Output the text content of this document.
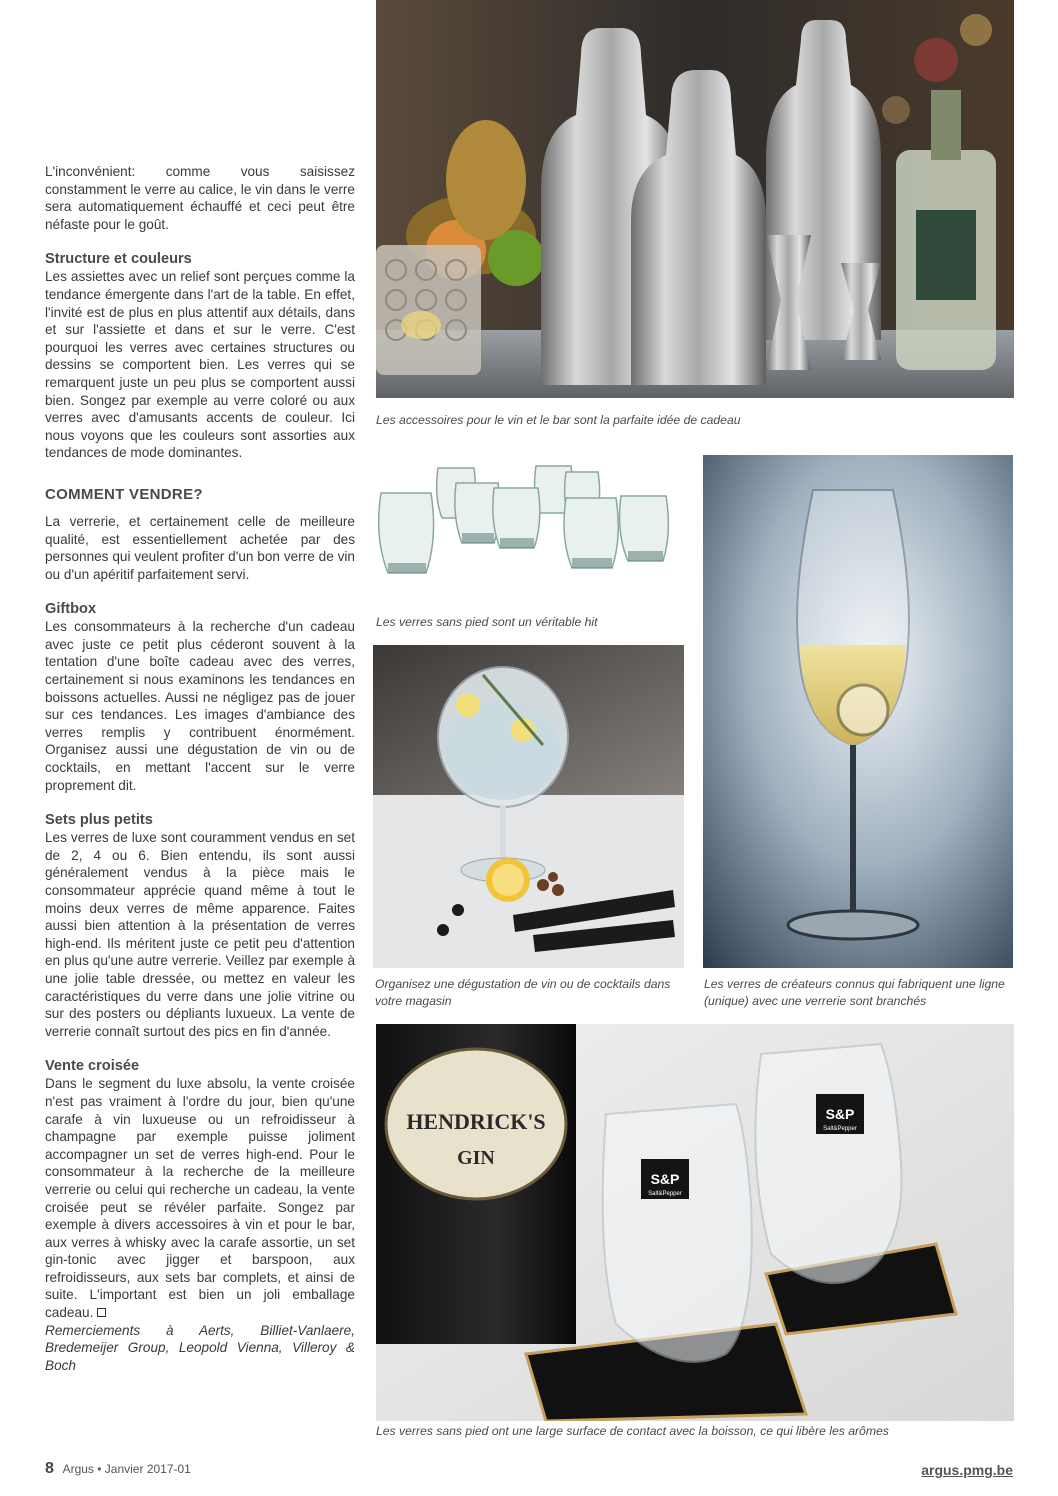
L'inconvénient: comme vous saisissez constamment le verre au calice, le vin dans le verre sera automatiquement échauffé et ceci peut être néfaste pour le goût.

Structure et couleurs

Les assiettes avec un relief sont perçues comme la tendance émergente dans l'art de la table. En effet, l'invité est de plus en plus attentif aux détails, dans et sur l'assiette et dans et sur le verre. C'est pourquoi les verres avec certaines structures ou dessins se comportent bien. Les verres qui se remarquent juste un peu plus se comportent aussi bien. Songez par exemple au verre coloré ou aux verres avec d'amusants accents de couleur. Ici nous voyons que les couleurs sont assorties aux tendances de mode dominantes.

COMMENT VENDRE?

La verrerie, et certainement celle de meilleure qualité, est essentiellement achetée par des personnes qui veulent profiter d'un bon verre de vin ou d'un apéritif parfaitement servi.

Giftbox

Les consommateurs à la recherche d'un cadeau avec juste ce petit plus céderont souvent à la tentation d'une boîte cadeau avec des verres, certainement si nous examinons les tendances en boissons actuelles. Aussi ne négligez pas de jouer sur ces tendances. Les images d'ambiance des verres remplis y contribuent énormément. Organisez aussi une dégustation de vin ou de cocktails, en mettant l'accent sur le verre proprement dit.

Sets plus petits

Les verres de luxe sont couramment vendus en set de 2, 4 ou 6. Bien entendu, ils sont aussi généralement vendus à la pièce mais le consommateur apprécie quand même à tout le moins deux verres de même apparence. Faites aussi bien attention à la présentation de verres high-end. Ils méritent juste ce petit peu d'attention en plus qu'une autre verrerie. Veillez par exemple à une jolie table dressée, ou mettez en valeur les caractéristiques du verre dans une jolie vitrine ou sur des posters ou dépliants luxueux. La vente de verrerie connaît surtout des pics en fin d'année.

Vente croisée

Dans le segment du luxe absolu, la vente croisée n'est pas vraiment à l'ordre du jour, bien qu'une carafe à vin luxueuse ou un refroidisseur à champagne par exemple puisse joliment accompagner un set de verres high-end. Pour le consommateur à la recherche de la meilleure verrerie ou celui qui recherche un cadeau, la vente croisée peut se révéler parfaite. Songez par exemple à divers accessoires à vin et pour le bar, aux verres à whisky avec la carafe assortie, un set gin-tonic avec jigger et barspoon, aux refroidisseurs, aux sets bar complets, et ainsi de suite. L'important est bien un joli emballage cadeau.

Remerciements à Aerts, Billiet-Vanlaere, Bredemeijer Group, Leopold Vienna, Villeroy & Boch

Les accessoires pour le vin et le bar sont la parfaite idée de cadeau
Les verres sans pied sont un véritable hit
Organisez une dégustation de vin ou de cocktails dans votre magasin
Les verres de créateurs connus qui fabriquent une ligne (unique) avec une verrerie sont branchés
HENDRICK'S
GIN
S&P
Salt&Pepper
S&P
Salt&Pepper
Les verres sans pied ont une large surface de contact avec la boisson, ce qui libère les arômes
8 Argus • Janvier 2017-01	argus.pmg.be
